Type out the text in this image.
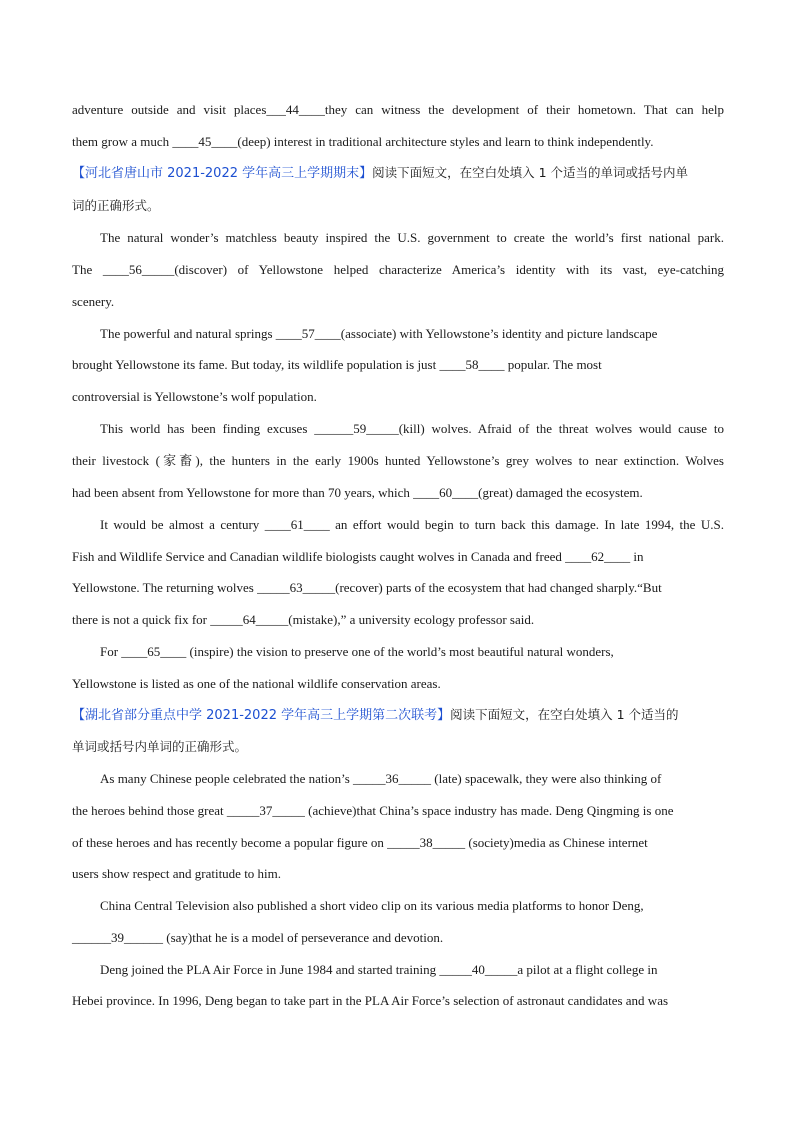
adventure outside and visit places___44____they can witness the development of their hometown. That can help
them grow a much ____45____(deep) interest in traditional architecture styles and learn to think independently.
【河北省唐山市 2021-2022 学年高三上学期期末】阅读下面短文，在空白处填入 1 个适当的单词或括号内单
词的正确形式。
The natural wonder’s matchless beauty inspired the U.S. government to create the world’s first national park.
The ____56_____(discover) of Yellowstone helped characterize America’s identity with its vast, eye-catching
scenery.
The powerful and natural springs ____57____(associate) with Yellowstone’s identity and picture landscape
brought Yellowstone its fame. But today, its wildlife population is just ____58____ popular. The most
controversial is Yellowstone’s wolf population.
This world has been finding excuses ______59_____(kill) wolves. Afraid of the threat wolves would cause to
their livestock (家畜), the hunters in the early 1900s hunted Yellowstone’s grey wolves to near extinction. Wolves
had been absent from Yellowstone for more than 70 years, which ____60____(great) damaged the ecosystem.
It would be almost a century ____61____ an effort would begin to turn back this damage. In late 1994, the U.S.
Fish and Wildlife Service and Canadian wildlife biologists caught wolves in Canada and freed ____62____ in
Yellowstone. The returning wolves _____63_____(recover) parts of the ecosystem that had changed sharply.“But
there is not a quick fix for _____64_____(mistake),” a university ecology professor said.
For ____65____ (inspire) the vision to preserve one of the world’s most beautiful natural wonders,
Yellowstone is listed as one of the national wildlife conservation areas.
【湖北省部分重点中学 2021-2022 学年高三上学期第二次联考】阅读下面短文，在空白处填入 1 个适当的
单词或括号内单词的正确形式。
As many Chinese people celebrated the nation’s _____36_____ (late) spacewalk, they were also thinking of
the heroes behind those great _____37_____ (achieve)that China’s space industry has made. Deng Qingming is one
of these heroes and has recently become a popular figure on _____38_____ (society)media as Chinese internet
users show respect and gratitude to him.
China Central Television also published a short video clip on its various media platforms to honor Deng,
______39______ (say)that he is a model of perseverance and devotion.
Deng joined the PLA Air Force in June 1984 and started training _____40_____a pilot at a flight college in
Hebei province. In 1996, Deng began to take part in the PLA Air Force’s selection of astronaut candidates and was
